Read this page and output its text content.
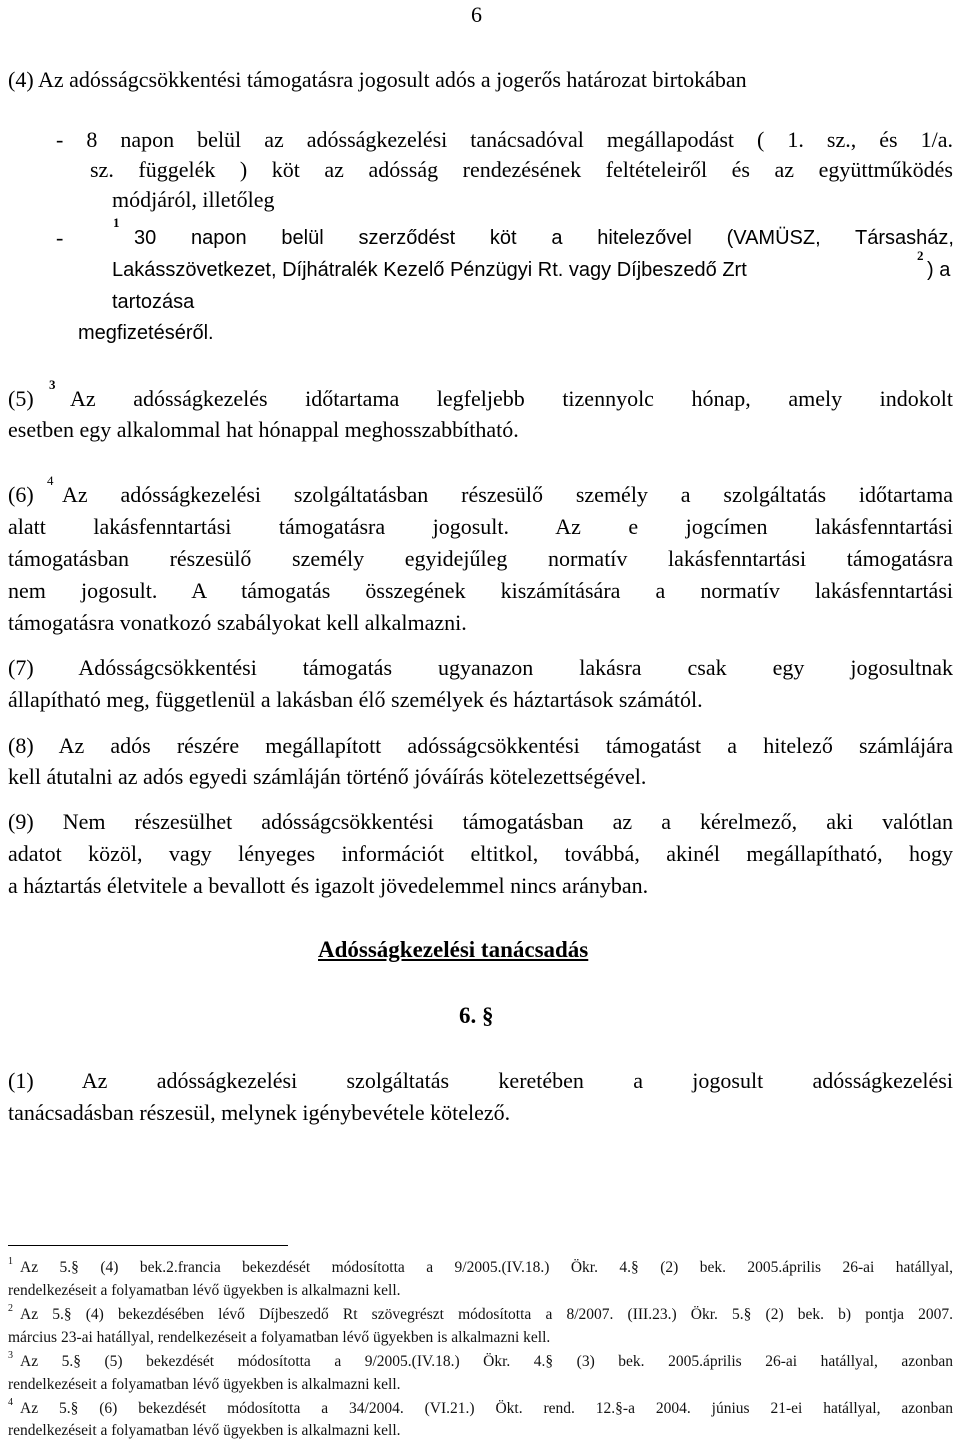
6
(4) Az adósságcsökkentési támogatásra jogosult adós a jogerős határozat birtokában
- 8 napon belül az adósságkezelési tanácsadóval megállapodást ( 1. sz., és 1/a.
sz. függelék ) köt az adósság rendezésének feltételeiről és az együttműködés
módjáról, illetőleg
-
1
30 napon belül szerződést köt a hitelezővel (VAMÜSZ, Társasház,
Lakásszövetkezet, Díjhátralék Kezelő Pénzügyi Rt. vagy Díjbeszedő Zrt
2
) a
tartozása
megfizetéséről.
(5)
3
Az adósságkezelés időtartama legfeljebb tizennyolc hónap, amely indokolt
esetben egy alkalommal hat hónappal meghosszabbítható.
(6)
4
Az adósságkezelési szolgáltatásban részesülő személy a szolgáltatás időtartama
alatt lakásfenntartási támogatásra jogosult. Az e jogcímen lakásfenntartási
támogatásban részesülő személy egyidejűleg normatív lakásfenntartási támogatásra
nem jogosult. A támogatás összegének kiszámítására a normatív lakásfenntartási
támogatásra vonatkozó szabályokat kell alkalmazni.
(7) Adósságcsökkentési támogatás ugyanazon lakásra csak egy jogosultnak
állapítható meg, függetlenül a lakásban élő személyek és háztartások számától.
(8) Az adós részére megállapított adósságcsökkentési támogatást a hitelező számlájára
kell átutalni az adós egyedi számláján történő jóváírás kötelezettségével.
(9) Nem részesülhet adósságcsökkentési támogatásban az a kérelmező, aki valótlan
adatot közöl, vagy lényeges információt eltitkol, továbbá, akinél megállapítható, hogy
a háztartás életvitele a bevallott és igazolt jövedelemmel nincs arányban.
Adósságkezelési tanácsadás
6. §
(1) Az adósságkezelési szolgáltatás keretében a jogosult adósságkezelési
tanácsadásban részesül, melynek igénybevétele kötelező.
1 Az 5.§ (4) bek.2.francia bekezdését módosította a 9/2005.(IV.18.) Ökr. 4.§ (2) bek. 2005.április 26-ai hatállyal,
rendelkezéseit a folyamatban lévő ügyekben is alkalmazni kell.
2 Az 5.§ (4) bekezdésében lévő Díjbeszedő Rt szövegrészt módosította a 8/2007. (III.23.) Ökr. 5.§ (2) bek. b) pontja 2007.
március 23-ai hatállyal, rendelkezéseit a folyamatban lévő ügyekben is alkalmazni kell.
3 Az 5.§ (5) bekezdését módosította a 9/2005.(IV.18.) Ökr. 4.§ (3) bek. 2005.április 26-ai hatállyal, azonban
rendelkezéseit a folyamatban lévő ügyekben is alkalmazni kell.
4 Az 5.§ (6) bekezdését módosította a 34/2004. (VI.21.) Ökt. rend. 12.§-a 2004. június 21-ei hatállyal, azonban
rendelkezéseit a folyamatban lévő ügyekben is alkalmazni kell.
